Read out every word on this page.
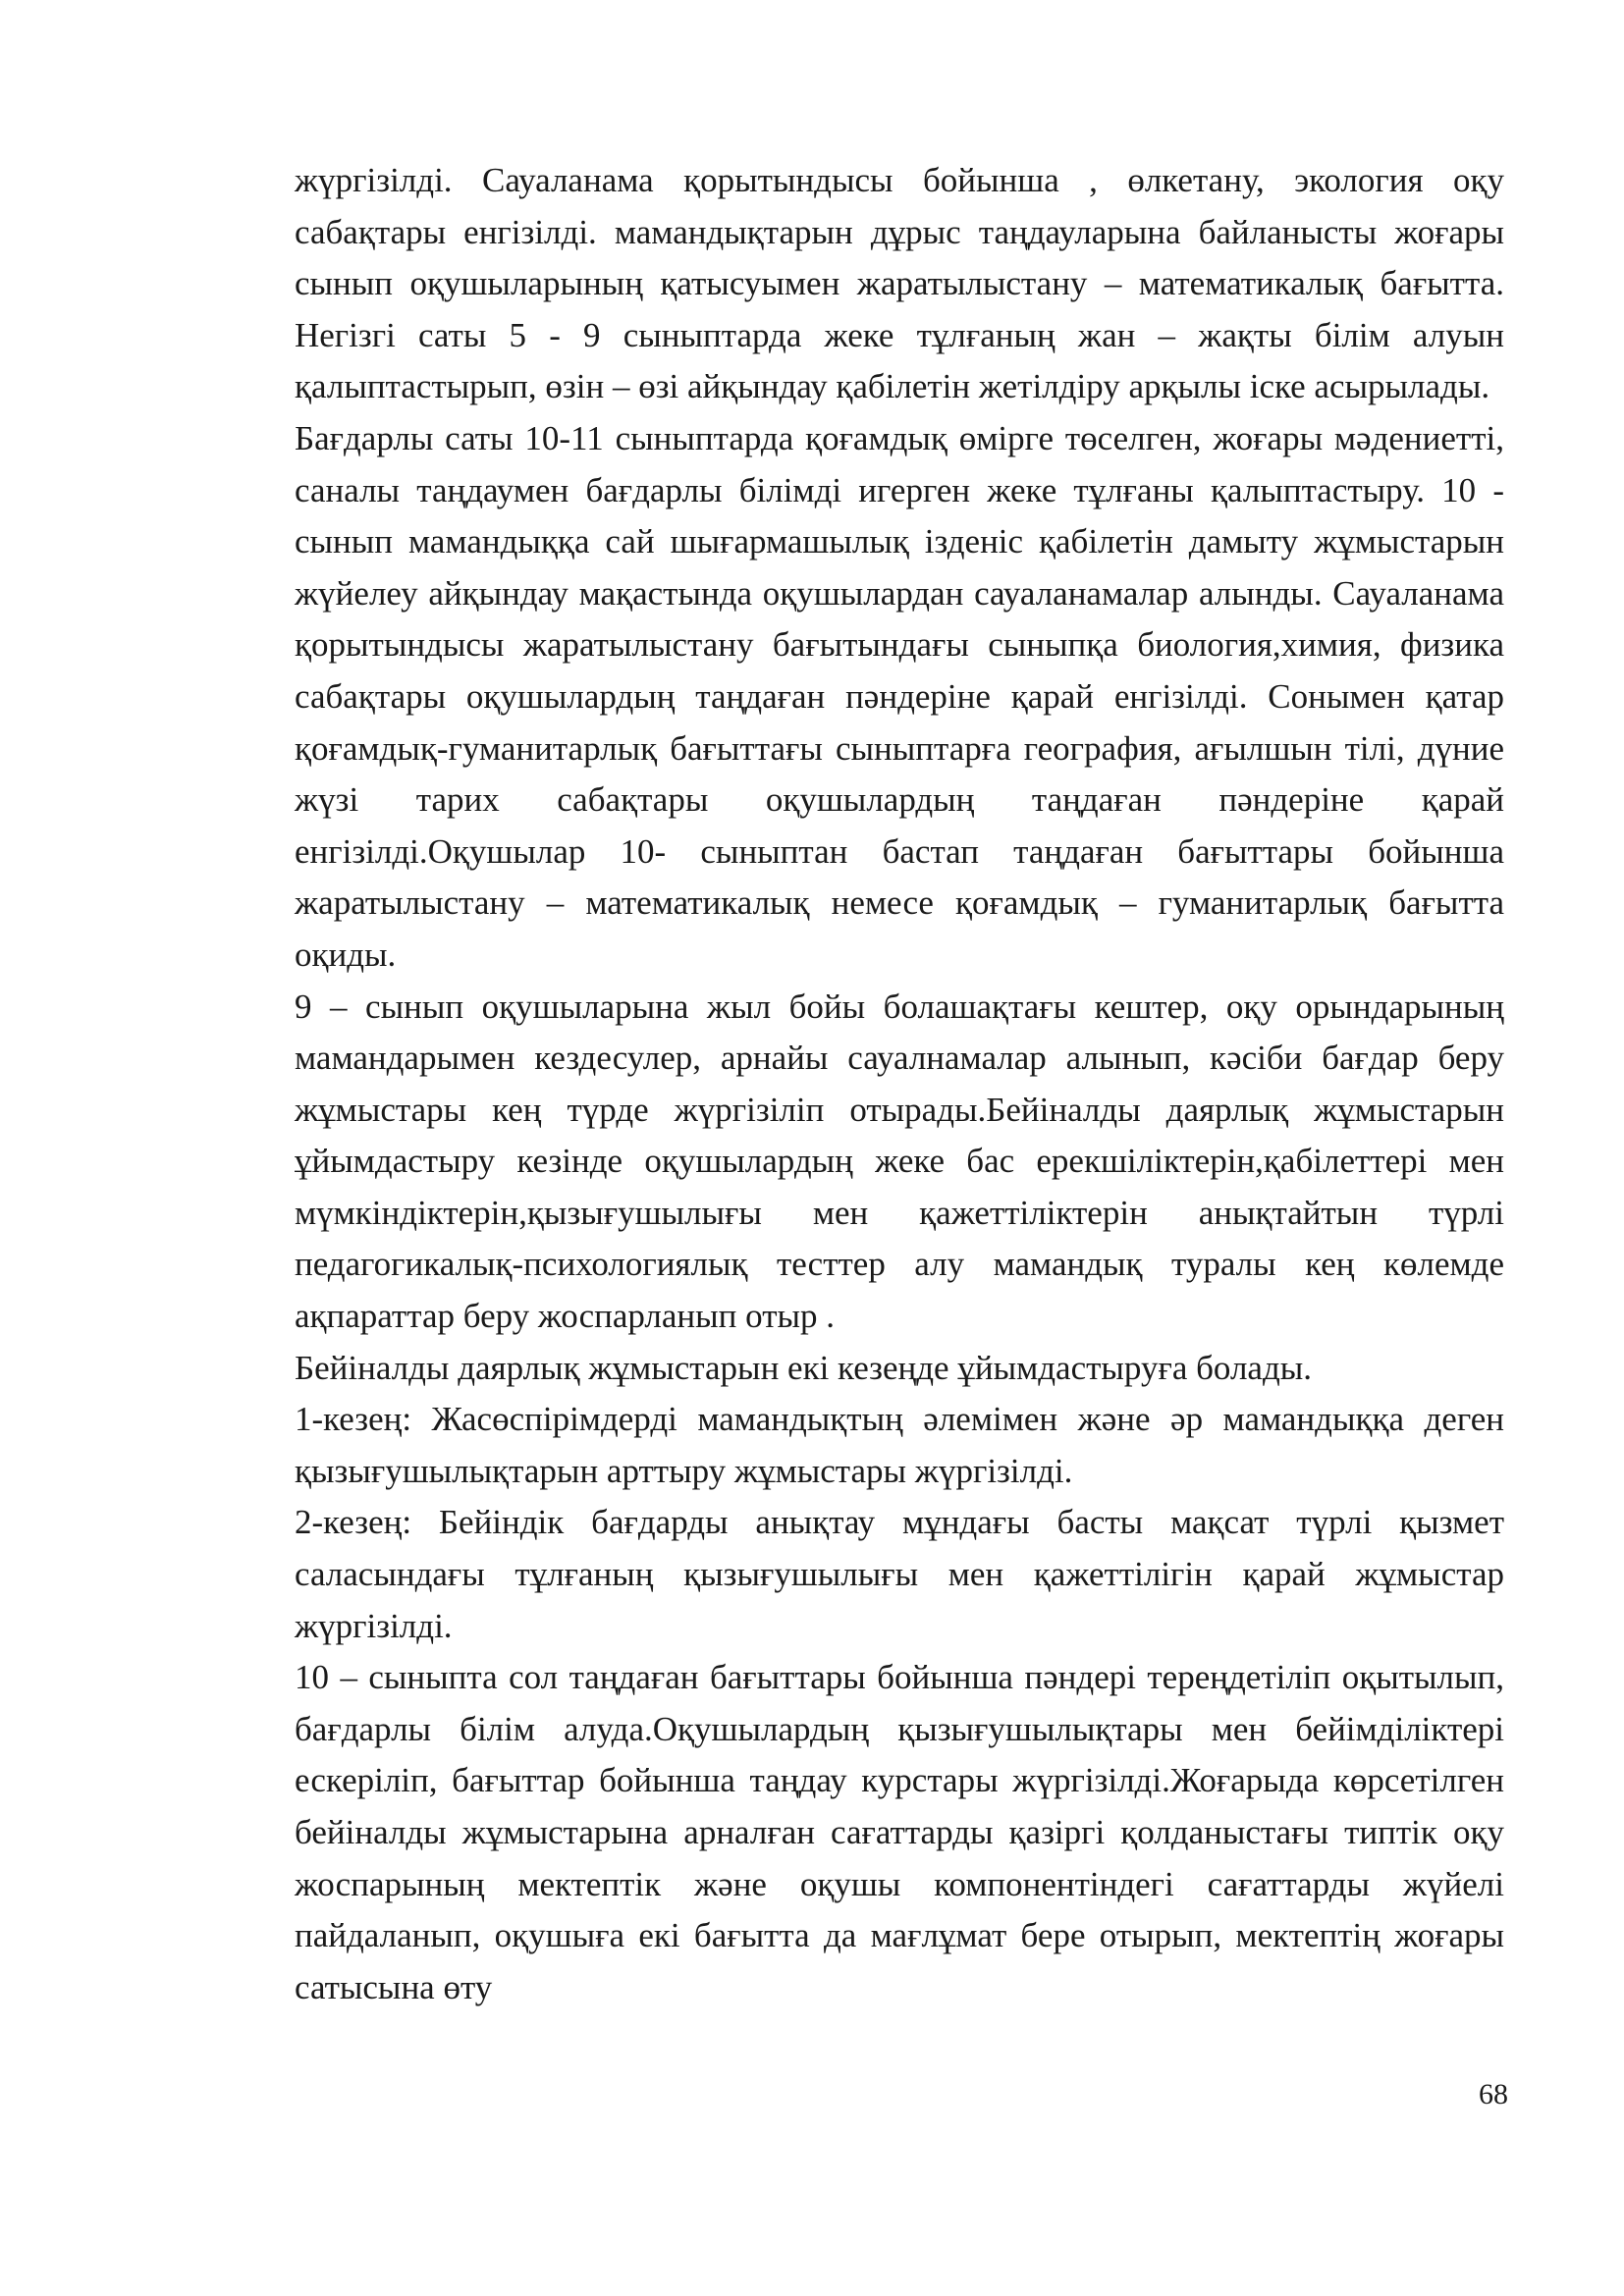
жүргізілді. Сауаланама қорытындысы бойынша , өлкетану, экология оқу сабақтары енгізілді. мамандықтарын дұрыс таңдауларына байланысты жоғары сынып оқушыларының қатысуымен жаратылыстану – математикалық бағытта. Негізгі саты 5 - 9 сыныптарда жеке тұлғаның жан – жақты білім алуын қалыптастырып, өзін – өзі айқындау қабілетін жетілдіру арқылы іске асырылады.

Бағдарлы саты 10-11 сыныптарда қоғамдық өмірге төселген, жоғары мәдениетті, саналы таңдаумен бағдарлы білімді игерген жеке тұлғаны қалыптастыру. 10 - сынып мамандыққа сай шығармашылық ізденіс қабілетін дамыту жұмыстарын жүйелеу айқындау мақастында оқушылардан сауаланамалар алынды. Сауаланама қорытындысы жаратылыстану бағытындағы сыныпқа биология,химия, физика сабақтары оқушылардың таңдаған пәндеріне қарай енгізілді. Сонымен қатар қоғамдық-гуманитарлық бағыттағы сыныптарға география, ағылшын тілі, дүние жүзі тарих сабақтары оқушылардың таңдаған пәндеріне қарай енгізілді.Оқушылар 10- сыныптан бастап таңдаған бағыттары бойынша жаратылыстану – математикалық немесе қоғамдық – гуманитарлық бағытта оқиды.

9 – сынып оқушыларына жыл бойы болашақтағы кештер, оқу орындарының мамандарымен кездесулер, арнайы сауалнамалар алынып, кәсіби бағдар беру жұмыстары кең түрде жүргізіліп отырады.Бейіналды даярлық жұмыстарын ұйымдастыру кезінде оқушылардың жеке бас ерекшіліктерін,қабілеттері мен мүмкіндіктерін,қызығушылығы мен қажеттіліктерін анықтайтын түрлі педагогикалық-психологиялық тесттер алу мамандық туралы кең көлемде ақпараттар беру жоспарланып отыр .

Бейіналды даярлық жұмыстарын екі кезеңде ұйымдастыруға болады.

1-кезең: Жасөспірімдерді мамандықтың әлемімен және әр мамандыққа деген қызығушылықтарын арттыру жұмыстары жүргізілді.

2-кезең: Бейіндік бағдарды анықтау мұндағы басты мақсат түрлі қызмет саласындағы тұлғаның қызығушылығы мен қажеттілігін қарай жұмыстар жүргізілді.

10 – сыныпта сол таңдаған бағыттары бойынша пәндері тереңдетіліп оқытылып, бағдарлы білім алуда.Оқушылардың қызығушылықтары мен бейімділіктері ескеріліп, бағыттар бойынша таңдау курстары жүргізілді.Жоғарыда көрсетілген бейіналды жұмыстарына арналған сағаттарды қазіргі қолданыстағы типтік оқу жоспарының мектептік және оқушы компонентіндегі сағаттарды жүйелі пайдаланып, оқушыға екі бағытта да мағлұмат бере отырып, мектептің жоғары сатысына өту

68
